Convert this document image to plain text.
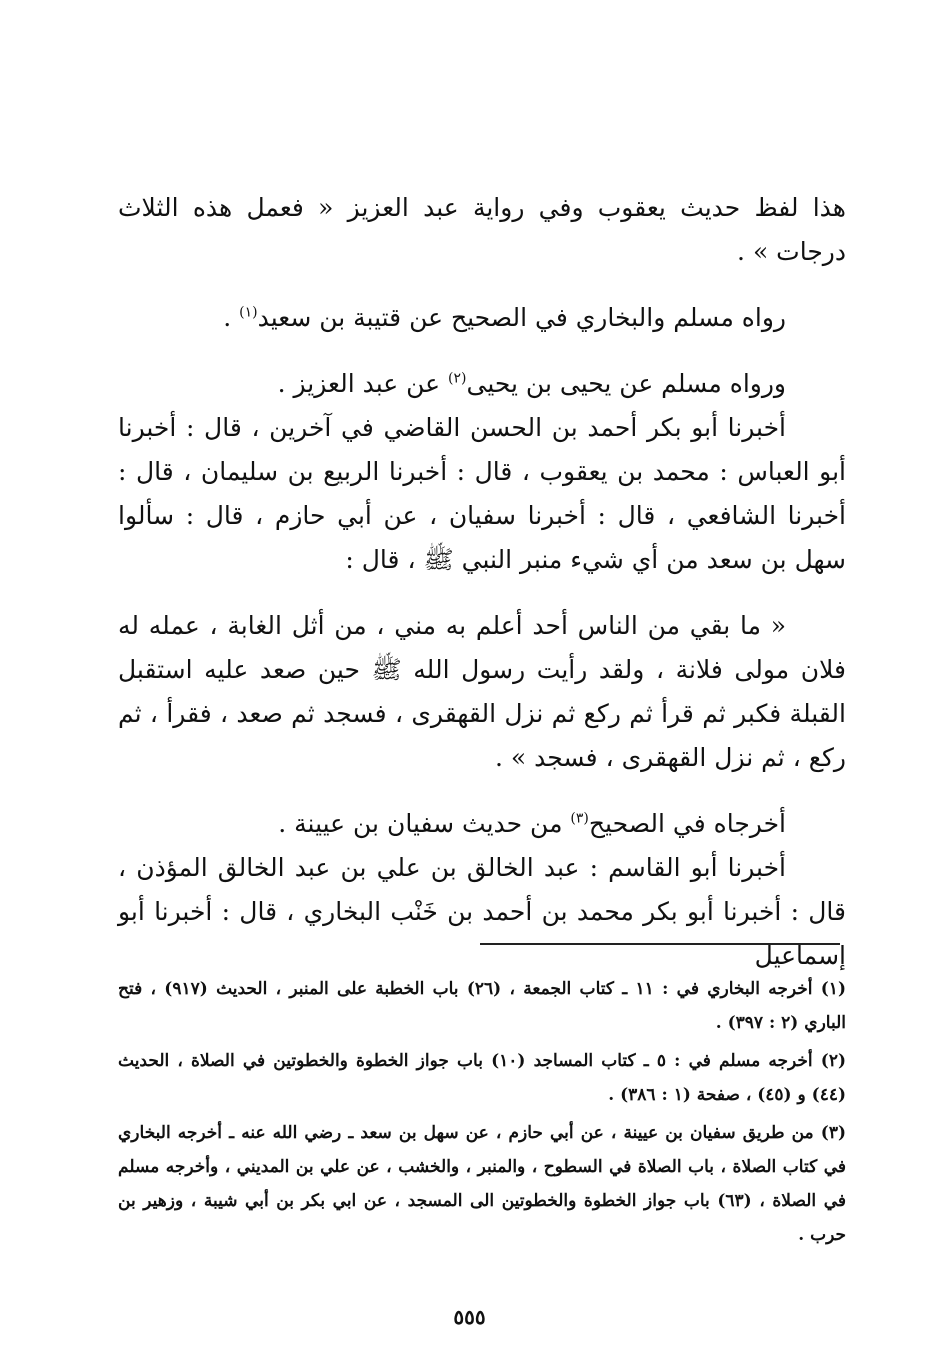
هذا لفظ حديث يعقوب وفي رواية عبد العزيز « فعمل هذه الثلاث درجات » .

رواه مسلم والبخاري في الصحيح عن قتيبة بن سعيد$^{(١)}$ .

ورواه مسلم عن يحيى بن يحيى$^{(٢)}$ عن عبد العزيز .

أخبرنا أبو بكر أحمد بن الحسن القاضي في آخرين ، قال : أخبرنا أبو العباس : محمد بن يعقوب ، قال : أخبرنا الربيع بن سليمان ، قال : أخبرنا الشافعي ، قال : أخبرنا سفيان ، عن أبي حازم ، قال : سألوا سهل بن سعد من أي شيء منبر النبي ﷺ ، قال :

« ما بقي من الناس أحد أعلم به مني ، من أثل الغابة ، عمله له فلان مولى فلانة ، ولقد رأيت رسول الله ﷺ حين صعد عليه استقبل القبلة فكبر ثم قرأ ثم ركع ثم نزل القهقرى ، فسجد ثم صعد ، فقرأ ، ثم ركع ، ثم نزل القهقرى ، فسجد » .

أخرجاه في الصحيح$^{(٣)}$ من حديث سفيان بن عيينة .

أخبرنا أبو القاسم : عبد الخالق بن علي بن عبد الخالق المؤذن ، قال : أخبرنا أبو بكر محمد بن أحمد بن خَنْب البخاري ، قال : أخبرنا أبو إسماعيل

(١) أخرجه البخاري في : ١١ ـ كتاب الجمعة ، (٢٦) باب الخطبة على المنبر ، الحديث (٩١٧) ، فتح الباري (٢ : ٣٩٧) .

(٢) أخرجه مسلم في : ٥ ـ كتاب المساجد (١٠) باب جواز الخطوة والخطوتين في الصلاة ، الحديث (٤٤) و (٤٥) ، صفحة (١ : ٣٨٦) .

(٣) من طريق سفيان بن عيينة ، عن أبي حازم ، عن سهل بن سعد ـ رضي الله عنه ـ أخرجه البخاري في كتاب الصلاة ، باب الصلاة في السطوح ، والمنبر ، والخشب ، عن علي بن المديني ، وأخرجه مسلم في الصلاة ، (٦٣) باب جواز الخطوة والخطوتين الى المسجد ، عن ابي بكر بن أبي شيبة ، وزهير بن حرب .

٥٥٥
